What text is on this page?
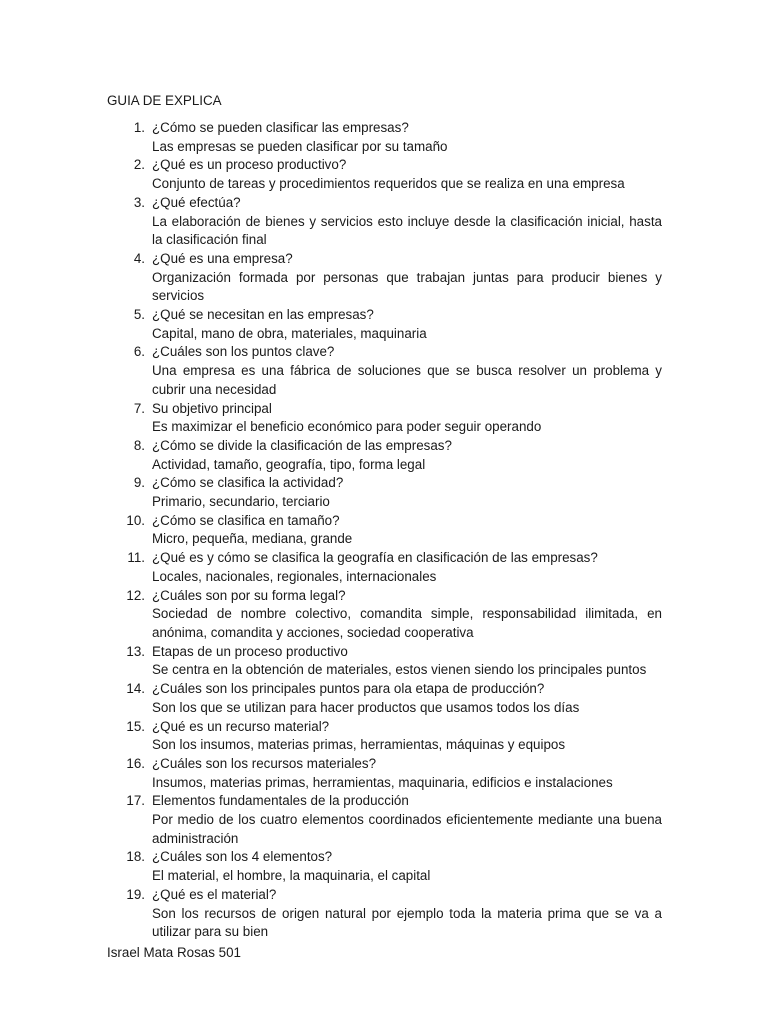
GUIA DE EXPLICA
1. ¿Cómo se pueden clasificar las empresas?
Las empresas se pueden clasificar por su tamaño
2. ¿Qué es un proceso productivo?
Conjunto de tareas y procedimientos requeridos que se realiza en una empresa
3. ¿Qué efectúa?
La elaboración de bienes y servicios esto incluye desde la clasificación inicial, hasta la clasificación final
4. ¿Qué es una empresa?
Organización formada por personas que trabajan juntas para producir bienes y servicios
5. ¿Qué se necesitan en las empresas?
Capital, mano de obra, materiales, maquinaria
6. ¿Cuáles son los puntos clave?
Una empresa es una fábrica de soluciones que se busca resolver un problema y cubrir una necesidad
7. Su objetivo principal
Es maximizar el beneficio económico para poder seguir operando
8. ¿Cómo se divide la clasificación de las empresas?
Actividad, tamaño, geografía, tipo, forma legal
9. ¿Cómo se clasifica la actividad?
Primario, secundario, terciario
10. ¿Cómo se clasifica en tamaño?
Micro, pequeña, mediana, grande
11. ¿Qué es y cómo se clasifica la geografía en clasificación de las empresas?
Locales, nacionales, regionales, internacionales
12. ¿Cuáles son por su forma legal?
Sociedad de nombre colectivo, comandita simple, responsabilidad ilimitada, en anónima, comandita y acciones, sociedad cooperativa
13. Etapas de un proceso productivo
Se centra en la obtención de materiales, estos vienen siendo los principales puntos
14. ¿Cuáles son los principales puntos para ola etapa de producción?
Son los que se utilizan para hacer productos que usamos todos los días
15. ¿Qué es un recurso material?
Son los insumos, materias primas, herramientas, máquinas y equipos
16. ¿Cuáles son los recursos materiales?
Insumos, materias primas, herramientas, maquinaria, edificios e instalaciones
17. Elementos fundamentales de la producción
Por medio de los cuatro elementos coordinados eficientemente mediante una buena administración
18. ¿Cuáles son los 4 elementos?
El material, el hombre, la maquinaria, el capital
19. ¿Qué es el material?
Son los recursos de origen natural por ejemplo toda la materia prima que se va a utilizar para su bien
Israel Mata Rosas 501
